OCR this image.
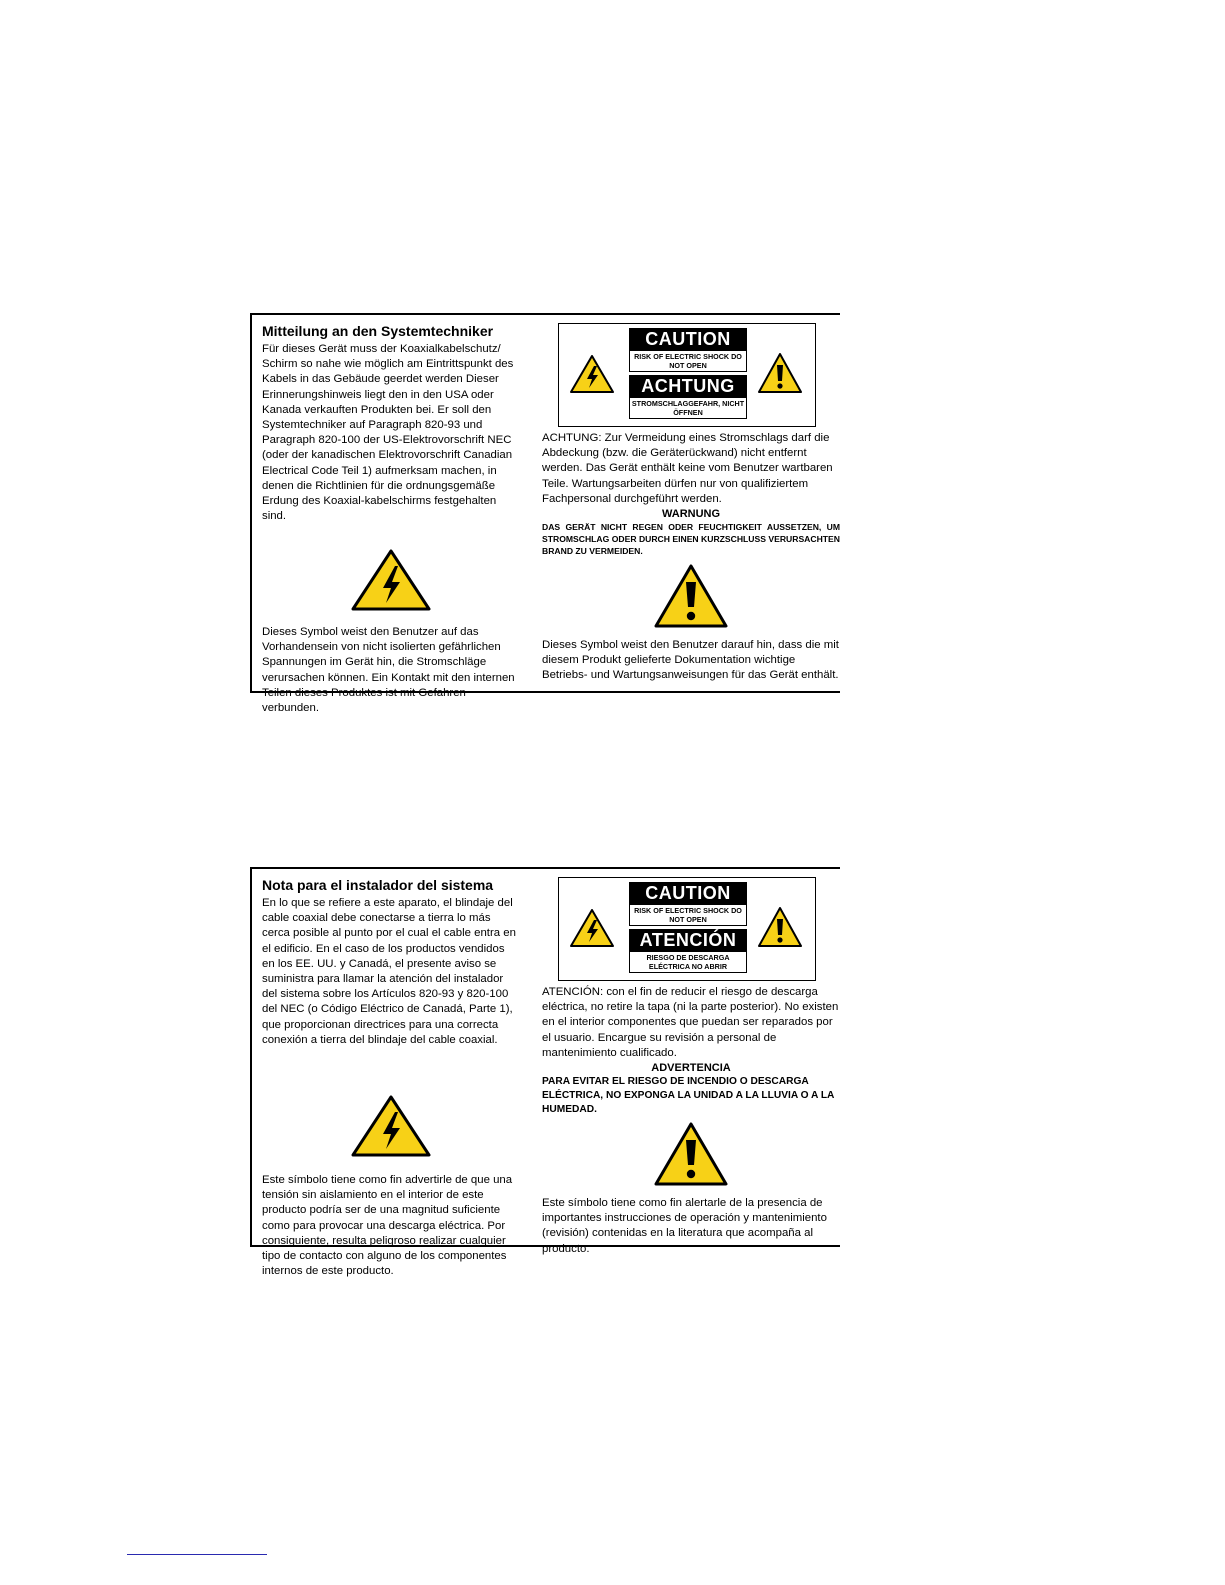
Mitteilung an den Systemtechniker

Für dieses Gerät muss der Koaxialkabelschutz/ Schirm so nahe wie möglich am Eintrittspunkt des Kabels in das Gebäude geerdet werden Dieser Erinnerungshinweis liegt den in den USA oder Kanada verkauften Produkten bei. Er soll den Systemtechniker auf Paragraph 820-93 und Paragraph 820-100 der US-Elektrovorschrift NEC (oder der kanadischen Elektrovorschrift Canadian Electrical Code Teil 1) aufmerksam machen, in denen die Richtlinien für die ordnungsgemäße Erdung des Koaxial-kabelschirms festgehalten sind.

Dieses Symbol weist den Benutzer auf das Vorhandensein von nicht isolierten gefährlichen Spannungen im Gerät hin, die Stromschläge verursachen können. Ein Kontakt mit den internen Teilen dieses Produktes ist mit Gefahren verbunden.

CAUTION
RISK OF ELECTRIC SHOCK DO NOT OPEN
ACHTUNG
STROMSCHLAGGEFAHR, NICHT ÖFFNEN

ACHTUNG: Zur Vermeidung eines Stromschlags darf die Abdeckung (bzw. die Geräterückwand) nicht entfernt werden. Das Gerät enthält keine vom Benutzer wartbaren Teile. Wartungsarbeiten dürfen nur von qualifiziertem Fachpersonal durchgeführt werden.

WARNUNG

DAS GERÄT NICHT REGEN ODER FEUCHTIGKEIT AUSSETZEN, UM STROMSCHLAG ODER DURCH EINEN KURZSCHLUSS VERURSACHTEN BRAND ZU VERMEIDEN.

Dieses Symbol weist den Benutzer darauf hin, dass die mit diesem Produkt gelieferte Dokumentation wichtige Betriebs- und Wartungsanweisungen für das Gerät enthält.

Nota para el instalador del sistema

En lo que se refiere a este aparato, el blindaje del cable coaxial debe conectarse a tierra lo más cerca posible al punto por el cual el cable entra en el edificio. En el caso de los productos vendidos en los EE. UU. y Canadá, el presente aviso se suministra para llamar la atención del instalador del sistema sobre los Artículos 820-93 y 820-100 del NEC (o Código Eléctrico de Canadá, Parte 1), que proporcionan directrices para una correcta conexión a tierra del blindaje del cable coaxial.

Este símbolo tiene como fin advertirle de que una tensión sin aislamiento en el interior de este producto podría ser de una magnitud suficiente como para provocar una descarga eléctrica. Por consiguiente, resulta peligroso realizar cualquier tipo de contacto con alguno de los componentes internos de este producto.

CAUTION
RISK OF ELECTRIC SHOCK DO NOT OPEN
ATENCIÓN
RIESGO DE DESCARGA ELÉCTRICA NO ABRIR

ATENCIÓN: con el fin de reducir el riesgo de descarga eléctrica, no retire la tapa (ni la parte posterior). No existen en el interior componentes que puedan ser reparados por el usuario. Encargue su revisión a personal de mantenimiento cualificado.

ADVERTENCIA

PARA EVITAR EL RIESGO DE INCENDIO O DESCARGA ELÉCTRICA, NO EXPONGA LA UNIDAD A LA LLUVIA O A LA HUMEDAD.

Este símbolo tiene como fin alertarle de la presencia de importantes instrucciones de operación y mantenimiento (revisión) contenidas en la literatura que acompaña al producto.
